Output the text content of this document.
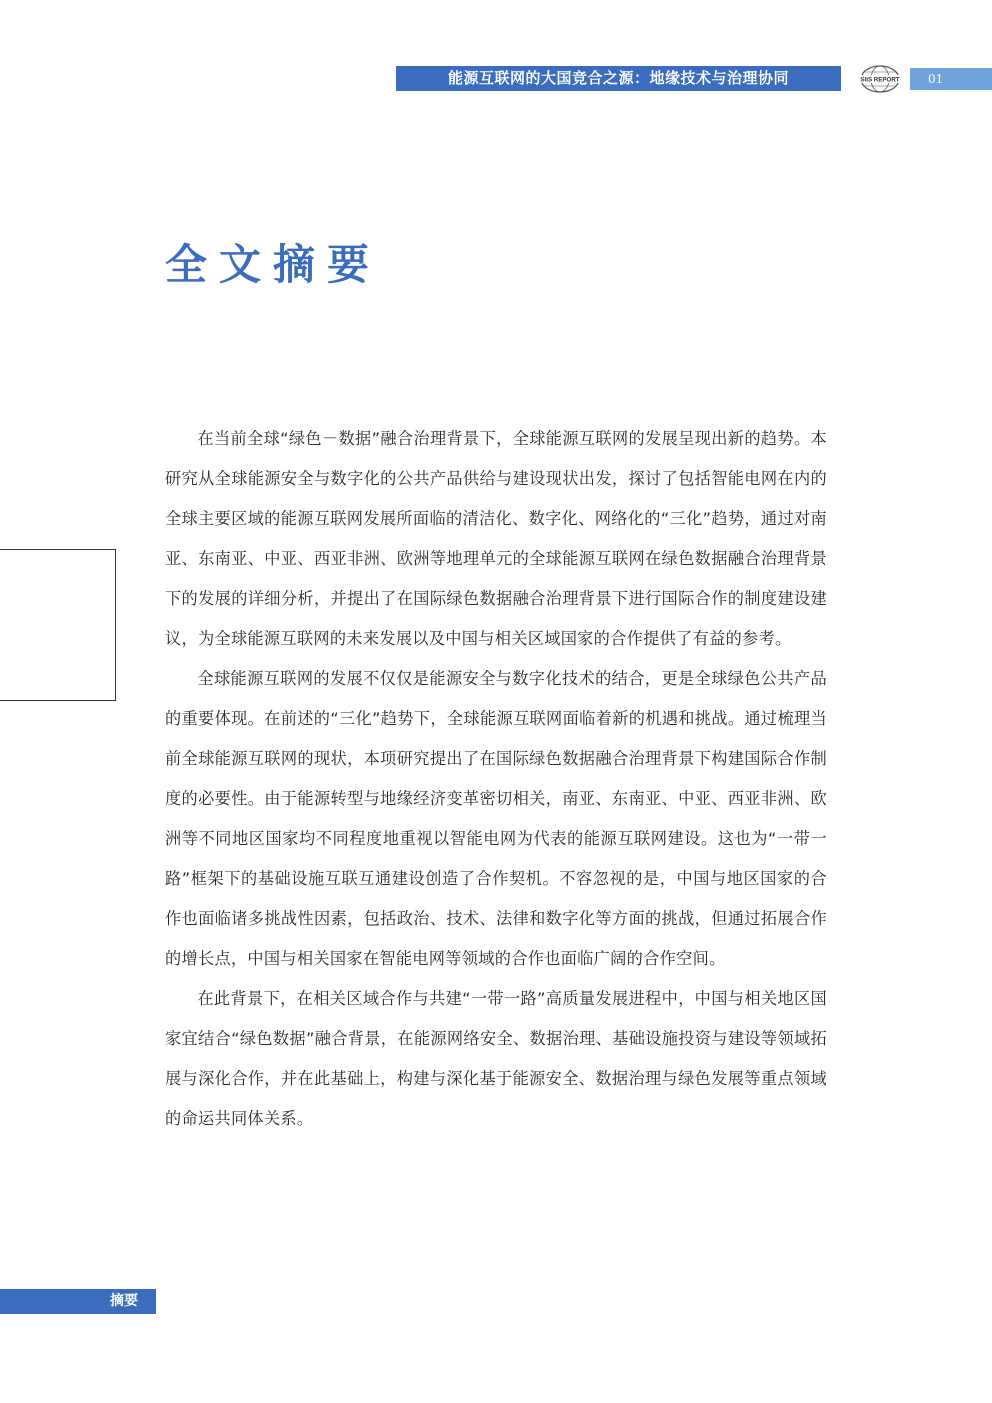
能源互联网的大国竞合之源：地缘技术与治理协同	SIIS REPORT	01
全文摘要

在当前全球“绿色－数据”融合治理背景下，全球能源互联网的发展呈现出新的趋势。本研究从全球能源安全与数字化的公共产品供给与建设现状出发，探讨了包括智能电网在内的全球主要区域的能源互联网发展所面临的清洁化、数字化、网络化的“三化”趋势，通过对南亚、东南亚、中亚、西亚非洲、欧洲等地理单元的全球能源互联网在绿色数据融合治理背景下的发展的详细分析，并提出了在国际绿色数据融合治理背景下进行国际合作的制度建设建议，为全球能源互联网的未来发展以及中国与相关区域国家的合作提供了有益的参考。

全球能源互联网的发展不仅仅是能源安全与数字化技术的结合，更是全球绿色公共产品的重要体现。在前述的“三化”趋势下，全球能源互联网面临着新的机遇和挑战。通过梳理当前全球能源互联网的现状，本项研究提出了在国际绿色数据融合治理背景下构建国际合作制度的必要性。由于能源转型与地缘经济变革密切相关，南亚、东南亚、中亚、西亚非洲、欧洲等不同地区国家均不同程度地重视以智能电网为代表的能源互联网建设。这也为“一带一路”框架下的基础设施互联互通建设创造了合作契机。不容忽视的是，中国与地区国家的合作也面临诸多挑战性因素，包括政治、技术、法律和数字化等方面的挑战，但通过拓展合作的增长点，中国与相关国家在智能电网等领域的合作也面临广阔的合作空间。

在此背景下，在相关区域合作与共建“一带一路”高质量发展进程中，中国与相关地区国家宜结合“绿色数据”融合背景，在能源网络安全、数据治理、基础设施投资与建设等领域拓展与深化合作，并在此基础上，构建与深化基于能源安全、数据治理与绿色发展等重点领域的命运共同体关系。

摘要
